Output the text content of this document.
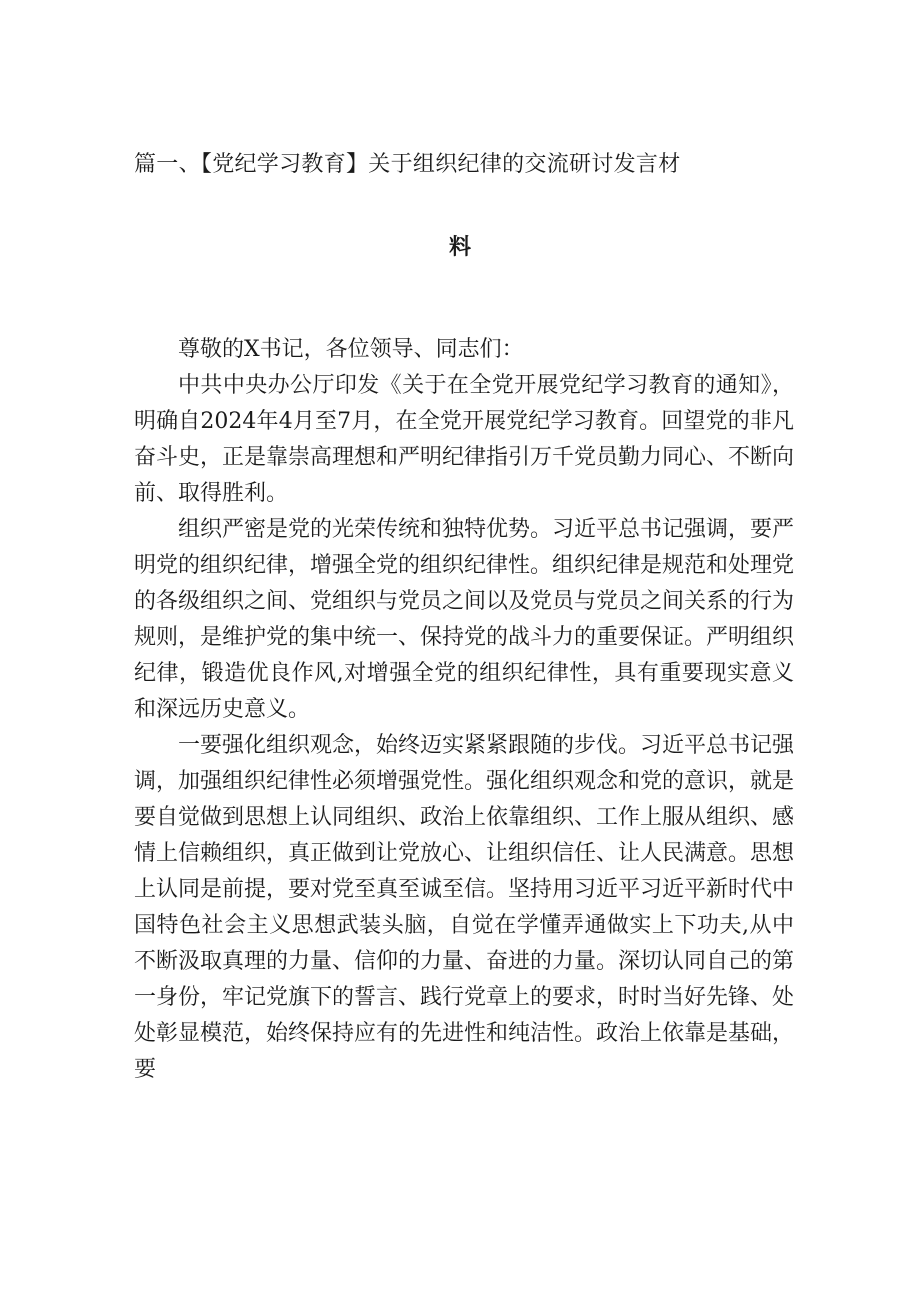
篇一、【党纪学习教育】关于组织纪律的交流研讨发言材
料

尊敬的X书记，各位领导、同志们：

中共中央办公厅印发《关于在全党开展党纪学习教育的通知》，明确自2024年4月至7月，在全党开展党纪学习教育。回望党的非凡奋斗史，正是靠崇高理想和严明纪律指引万千党员勤力同心、不断向前、取得胜利。

组织严密是党的光荣传统和独特优势。习近平总书记强调，要严明党的组织纪律，增强全党的组织纪律性。组织纪律是规范和处理党的各级组织之间、党组织与党员之间以及党员与党员之间关系的行为规则，是维护党的集中统一、保持党的战斗力的重要保证。严明组织纪律，锻造优良作风,对增强全党的组织纪律性，具有重要现实意义和深远历史意义。

一要强化组织观念，始终迈实紧紧跟随的步伐。习近平总书记强调，加强组织纪律性必须增强党性。强化组织观念和党的意识，就是要自觉做到思想上认同组织、政治上依靠组织、工作上服从组织、感情上信赖组织，真正做到让党放心、让组织信任、让人民满意。思想上认同是前提，要对党至真至诚至信。坚持用习近平习近平新时代中国特色社会主义思想武装头脑，自觉在学懂弄通做实上下功夫,从中不断汲取真理的力量、信仰的力量、奋进的力量。深切认同自己的第一身份，牢记党旗下的誓言、践行党章上的要求，时时当好先锋、处处彰显模范，始终保持应有的先进性和纯洁性。政治上依靠是基础，要
